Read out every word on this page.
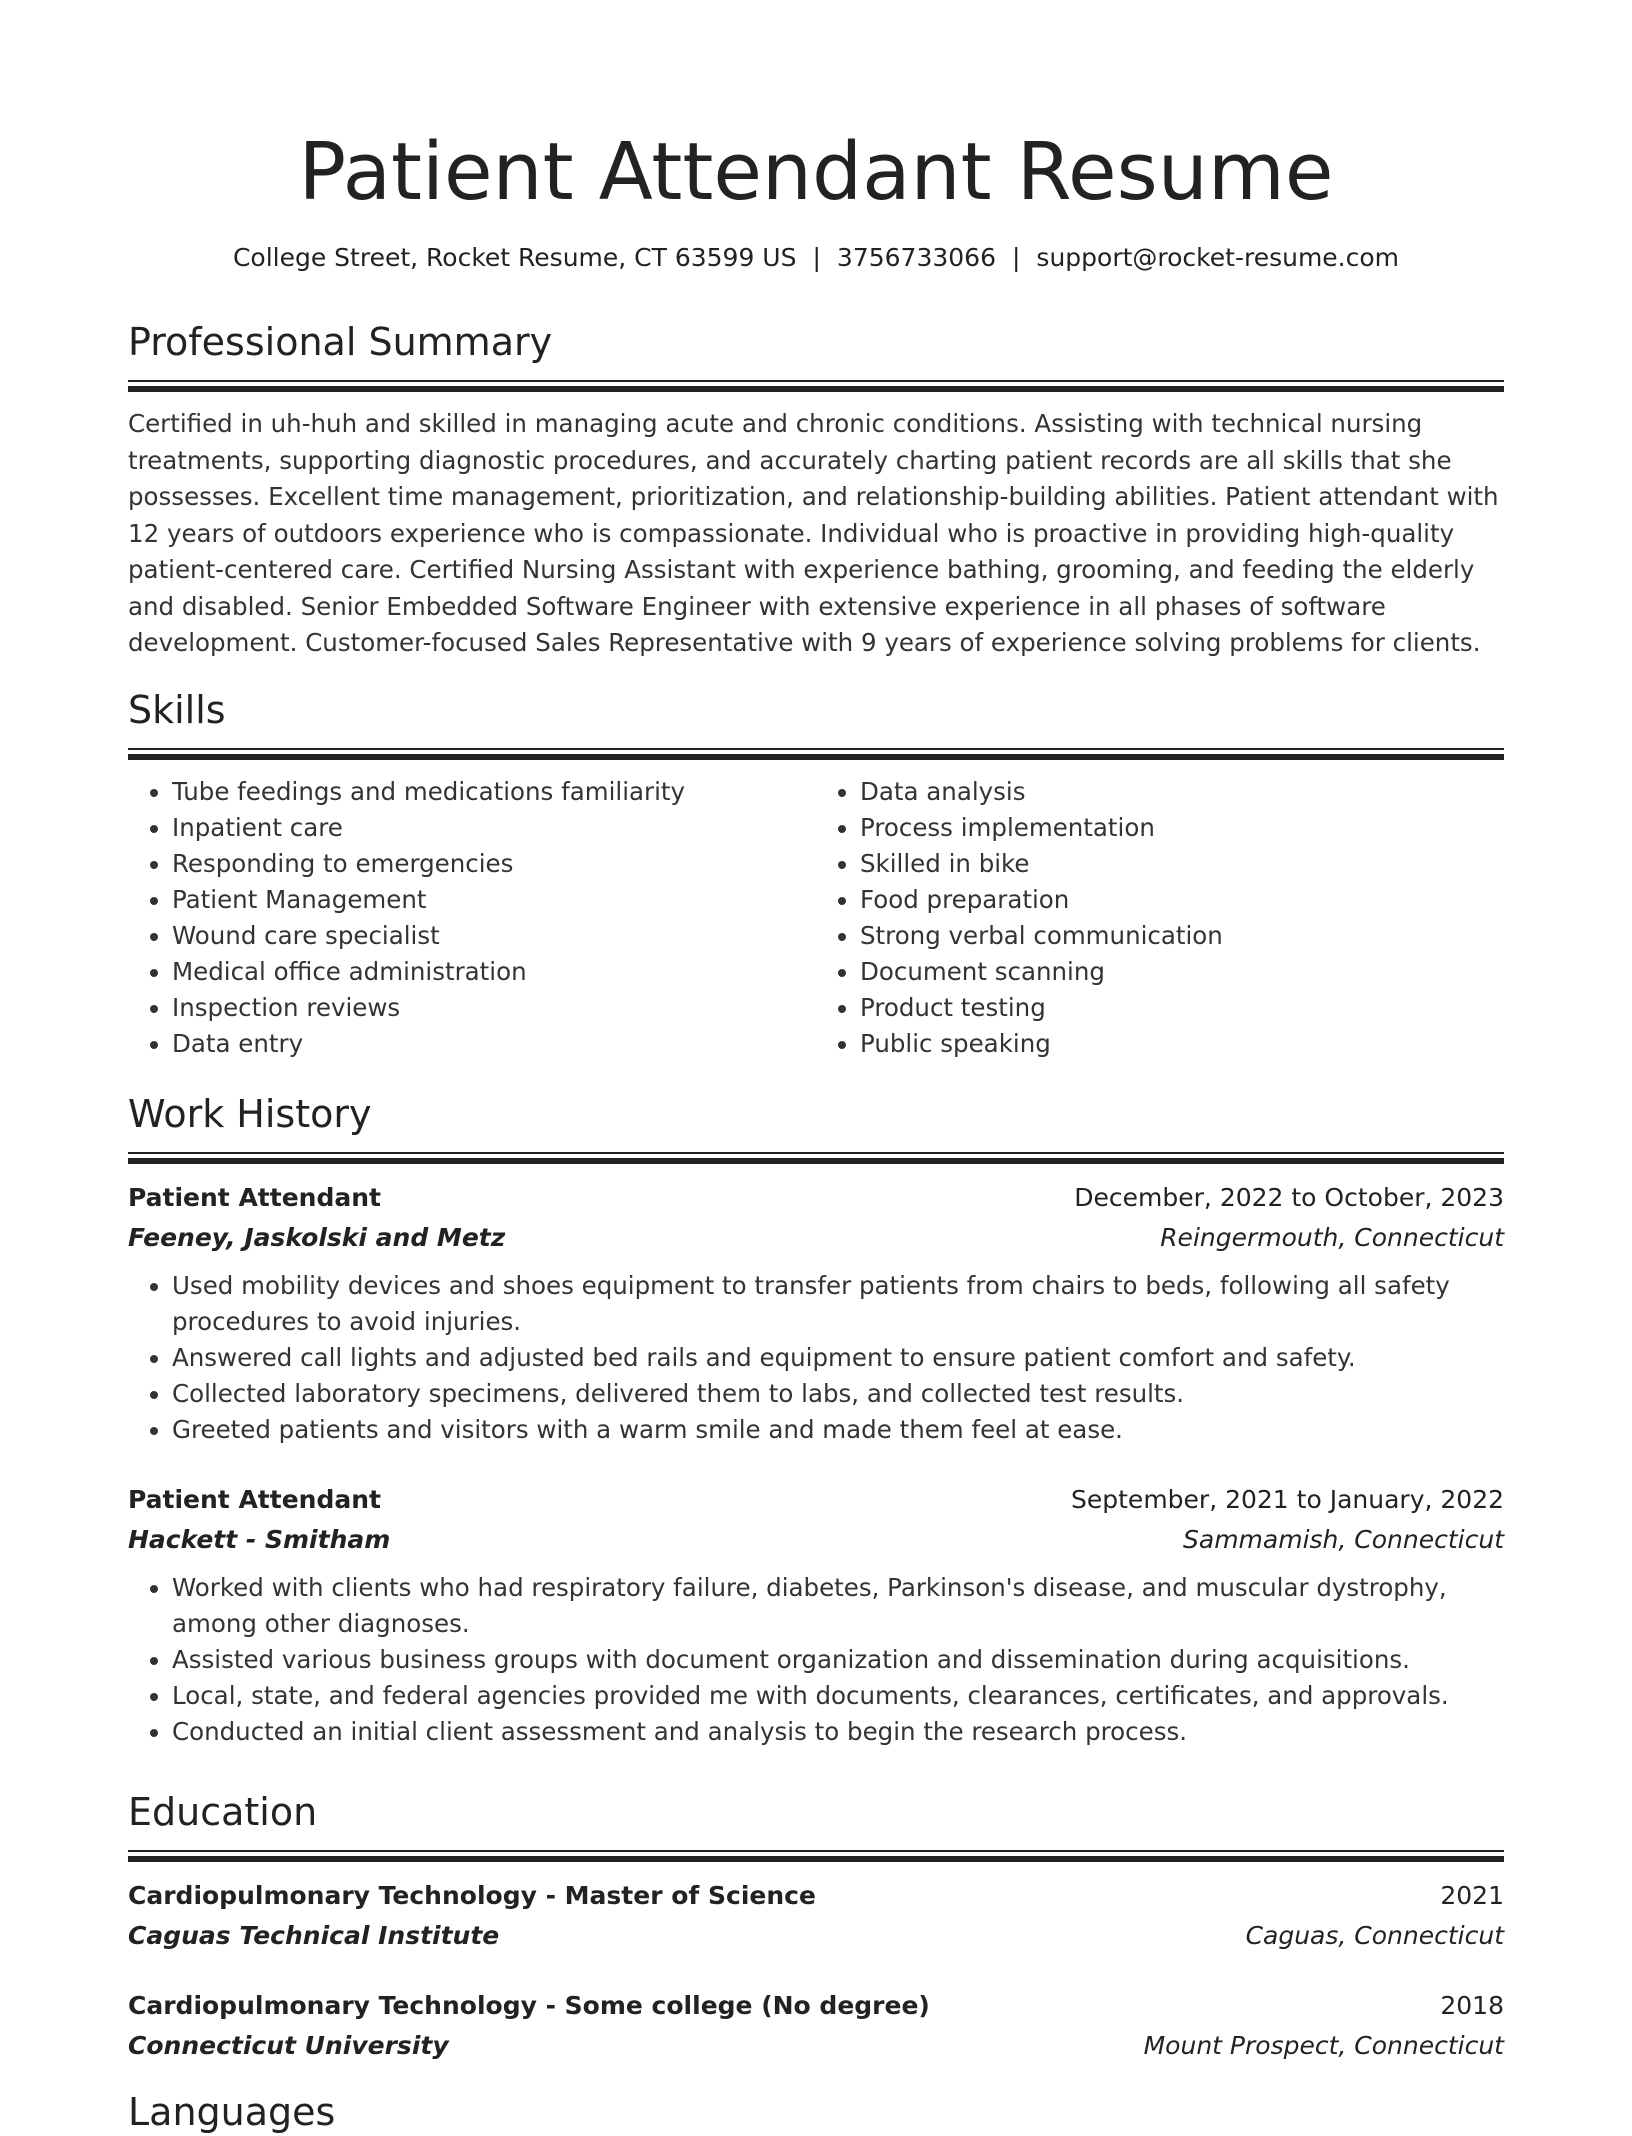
Patient Attendant Resume
College Street, Rocket Resume, CT 63599 US | 3756733066 | support@rocket-resume.com
Professional Summary
Certified in uh-huh and skilled in managing acute and chronic conditions. Assisting with technical nursing treatments, supporting diagnostic procedures, and accurately charting patient records are all skills that she possesses. Excellent time management, prioritization, and relationship-building abilities. Patient attendant with 12 years of outdoors experience who is compassionate. Individual who is proactive in providing high-quality patient-centered care. Certified Nursing Assistant with experience bathing, grooming, and feeding the elderly and disabled. Senior Embedded Software Engineer with extensive experience in all phases of software development. Customer-focused Sales Representative with 9 years of experience solving problems for clients.
Skills
• Tube feedings and medications familiarity
• Inpatient care
• Responding to emergencies
• Patient Management
• Wound care specialist
• Medical office administration
• Inspection reviews
• Data entry
• Data analysis
• Process implementation
• Skilled in bike
• Food preparation
• Strong verbal communication
• Document scanning
• Product testing
• Public speaking
Work History
Patient Attendant	December, 2022 to October, 2023
Feeney, Jaskolski and Metz	Reingermouth, Connecticut
• Used mobility devices and shoes equipment to transfer patients from chairs to beds, following all safety procedures to avoid injuries.
• Answered call lights and adjusted bed rails and equipment to ensure patient comfort and safety.
• Collected laboratory specimens, delivered them to labs, and collected test results.
• Greeted patients and visitors with a warm smile and made them feel at ease.
Patient Attendant	September, 2021 to January, 2022
Hackett - Smitham	Sammamish, Connecticut
• Worked with clients who had respiratory failure, diabetes, Parkinson's disease, and muscular dystrophy, among other diagnoses.
• Assisted various business groups with document organization and dissemination during acquisitions.
• Local, state, and federal agencies provided me with documents, clearances, certificates, and approvals.
• Conducted an initial client assessment and analysis to begin the research process.
Education
Cardiopulmonary Technology - Master of Science	2021
Caguas Technical Institute	Caguas, Connecticut
Cardiopulmonary Technology - Some college (No degree)	2018
Connecticut University	Mount Prospect, Connecticut
Languages
